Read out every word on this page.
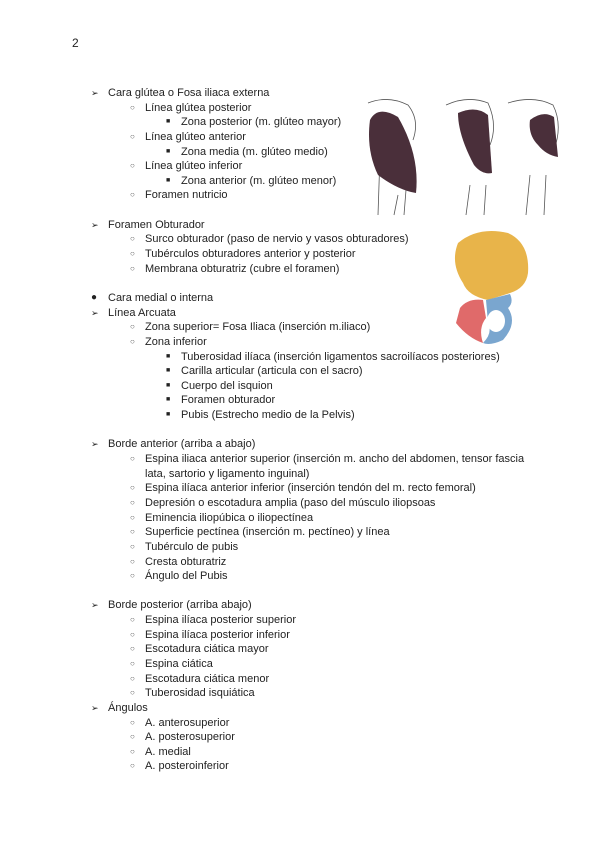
2
➢ Cara glútea o Fosa iliaca externa
○ Línea glútea posterior
■ Zona posterior (m. glúteo mayor)
○ Línea glúteo anterior
■ Zona media (m. glúteo medio)
○ Línea glúteo inferior
■ Zona anterior (m. glúteo menor)
○ Foramen nutricio
➢ Foramen Obturador
○ Surco obturador (paso de nervio y vasos obturadores)
○ Tubérculos obturadores anterior y posterior
○ Membrana obturatriz (cubre el foramen)
● Cara medial o interna
➢ Línea Arcuata
○ Zona superior= Fosa Iliaca (inserción m.iliaco)
○ Zona inferior
■ Tuberosidad ilíaca (inserción ligamentos sacroilíacos posteriores)
■ Carilla articular (articula con el sacro)
■ Cuerpo del isquion
■ Foramen obturador
■ Pubis (Estrecho medio de la Pelvis)
➢ Borde anterior (arriba a abajo)
○ Espina iliaca anterior superior (inserción m. ancho del abdomen, tensor fascia
lata, sartorio y ligamento inguinal)
○ Espina ilíaca anterior inferior (inserción tendón del m. recto femoral)
○ Depresión o escotadura amplia (paso del músculo iliopsoas
○ Eminencia iliopúbica o iliopectínea
○ Superficie pectínea (inserción m. pectíneo) y línea
○ Tubérculo de pubis
○ Cresta obturatriz
○ Ángulo del Pubis
➢ Borde posterior (arriba abajo)
○ Espina ilíaca posterior superior
○ Espina ilíaca posterior inferior
○ Escotadura ciática mayor
○ Espina ciática
○ Escotadura ciática menor
○ Tuberosidad isquiática
➢ Ángulos
○ A. anterosuperior
○ A. posterosuperior
○ A. medial
○ A. posteroinferior
